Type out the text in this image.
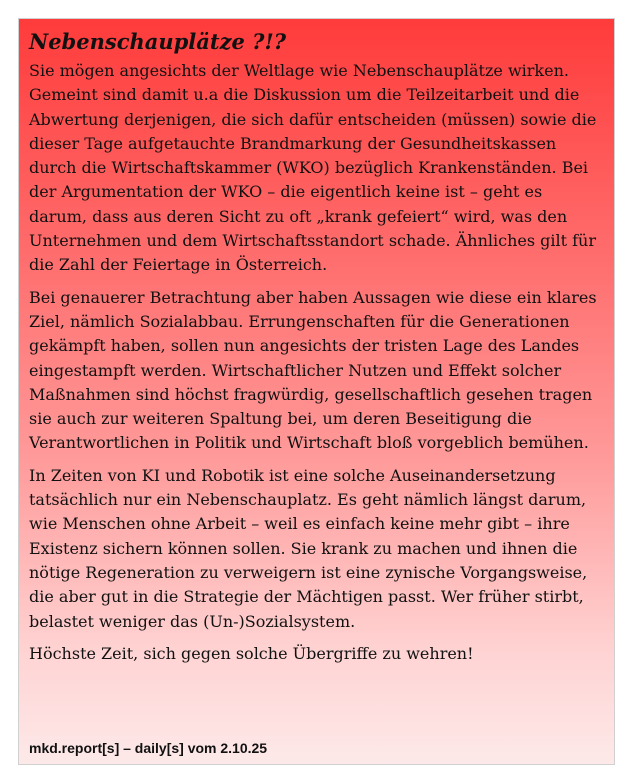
Nebenschauplätze ?!?

Sie mögen angesichts der Weltlage wie Nebenschauplätze wirken. Gemeint sind damit u.a die Diskussion um die Teilzeitarbeit und die Abwertung derjenigen, die sich dafür entscheiden (müssen) sowie die dieser Tage aufgetauchte Brandmarkung der Gesundheitskassen durch die Wirtschaftskammer (WKO) bezüglich Krankenständen. Bei der Argumentation der WKO – die eigentlich keine ist – geht es darum, dass aus deren Sicht zu oft „krank gefeiert“ wird, was den Unternehmen und dem Wirtschaftsstandort schade. Ähnliches gilt für die Zahl der Feiertage in Österreich.

Bei genauerer Betrachtung aber haben Aussagen wie diese ein klares Ziel, nämlich Sozialabbau. Errungenschaften für die Generationen gekämpft haben, sollen nun angesichts der tristen Lage des Landes eingestampft werden. Wirtschaftlicher Nutzen und Effekt solcher Maßnahmen sind höchst fragwürdig, gesellschaftlich gesehen tragen sie auch zur weiteren Spaltung bei, um deren Beseitigung die Verantwortlichen in Politik und Wirtschaft bloß vorgeblich bemühen.

In Zeiten von KI und Robotik ist eine solche Auseinandersetzung tatsächlich nur ein Nebenschauplatz. Es geht nämlich längst darum, wie Menschen ohne Arbeit – weil es einfach keine mehr gibt – ihre Existenz sichern können sollen. Sie krank zu machen und ihnen die nötige Regeneration zu verweigern ist eine zynische Vorgangsweise, die aber gut in die Strategie der Mächtigen passt. Wer früher stirbt, belastet weniger das (Un-)Sozialsystem.

Höchste Zeit, sich gegen solche Übergriffe zu wehren!

mkd.report[s] – daily[s] vom 2.10.25
